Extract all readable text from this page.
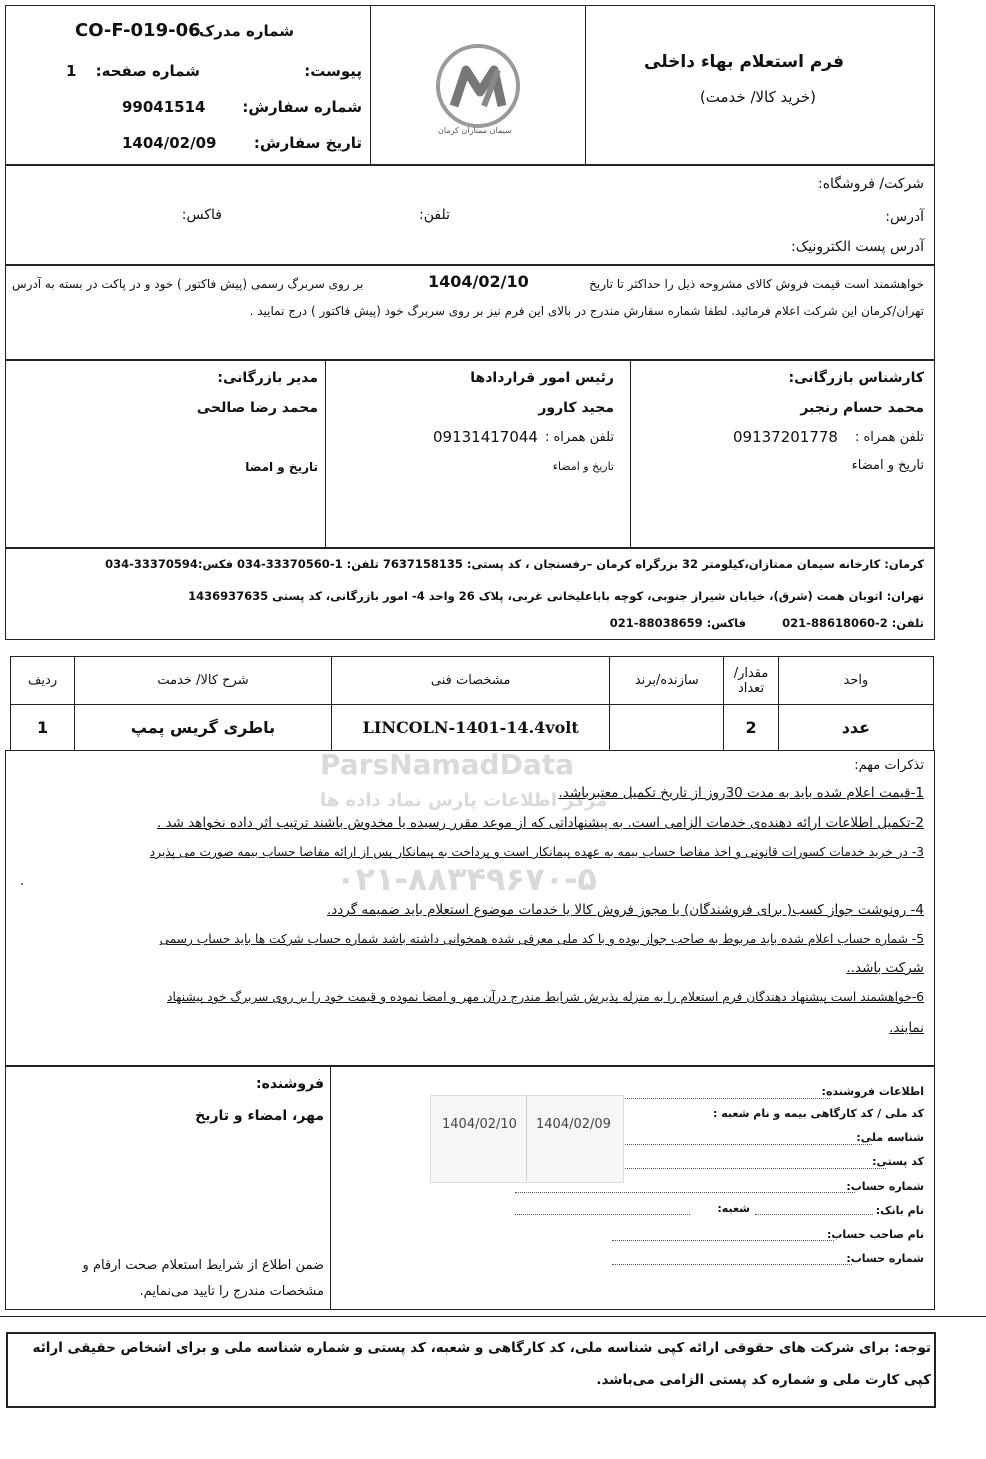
فرم استعلام بهاء داخلی
(خرید کالا/ خدمت)
سیمان ممتازان کرمان
شماره مدرک:
CO-F-019-06
پیوست:
شماره صفحه:
1
شماره سفارش:
99041514
تاریخ سفارش:
1404/02/09
شرکت/ فروشگاه:
آدرس:
تلفن:
فاکس:
آدرس پست الکترونیک:
خواهشمند است قیمت فروش کالای مشروحه ذیل را حداکثر تا تاریخ
1404/02/10
بر روی سربرگ رسمی (پیش فاکتور ) خود و در پاکت در بسته به آدرس
تهران/کرمان این شرکت اعلام فرمائید. لطفا شماره سفارش مندرج در بالای این فرم نیز بر روی سربرگ خود (پیش فاکتور ) درج نمایید .
کارشناس بازرگانی:
محمد حسام رنجبر
تلفن همراه :
09137201778
تاریخ و امضاء
رئیس امور قراردادها
مجید کارور
تلفن همراه :
09131417044
تاریخ و امضاء
مدیر بازرگانی:
محمد رضا صالحی
تاریخ و امضا
کرمان: کارخانه سیمان ممتازان،کیلومتر 32 بزرگراه کرمان –رفسنجان ، کد پستی: 7637158135 تلفن: 1-33370560-034 فکس:33370594-034
تهران: اتوبان همت (شرق)، خیابان شیراز جنوبی، کوچه باباعلیخانی غربی، پلاک 26 واحد 4- امور بازرگانی، کد پستی 1436937635
تلفن: 2-88618060-021
فاکس: 88038659-021
ParsNamadData
مرکز اطلاعات پارس نماد داده ها
۰۲۱-۸۸۳۴۹۶۷۰-۵
واحد	مقدار/
تعداد	سازنده/برند	مشخصات فنی	شرح کالا/ خدمت	ردیف
عدد	2		LINCOLN-1401-14.4volt	باطری گریس پمپ	1
تذکرات مهم:
1-قیمت اعلام شده باید به مدت 30روز از تاریخ تکمیل معتبرباشد.
2-تکمیل اطلاعات ارائه دهنده‌ی خدمات الزامی است. به پیشنهاداتی که از موعد مقرر رسیده یا مخدوش باشند ترتیب اثر داده نخواهد شد .
3- در خرید خدمات کسورات قانونی و اخذ مفاصا حساب بیمه به عهده پیمانکار است و پرداخت به پیمانکار پس از ارائه مفاصا حساب بیمه صورت می پذیرد
.
4- رونوشت جواز کسب( برای فروشندگان) یا مجوز فروش کالا یا خدمات موضوع استعلام باید ضمیمه گردد.
5- شماره حساب اعلام شده باید مربوط به صاحب جواز بوده و با کد ملی معرفی شده همخوانی داشته باشد شماره حساب شرکت ها باید حساب رسمی
شرکت باشد..
6-خواهشمند است پیشنهاد دهندگان فرم استعلام را به منزله پذیرش شرایط مندرج درآن مهر و امضا نموده و قیمت خود را بر روی سربرگ خود پیشنهاد
نمایند.
اطلاعات فروشنده:
کد ملی / کد کارگاهی بیمه و نام شعبه :
شناسه ملی:
کد پستی:
شماره حساب:
نام بانک:
شعبه:
نام صاحب حساب:
شماره حساب:
1404/02/09
1404/02/10
فروشنده:
مهر، امضاء و تاریخ
ضمن اطلاع از شرایط استعلام صحت ارقام و
مشخصات مندرج را تایید می‌نمایم.
توجه: برای شرکت های حقوقی ارائه کپی شناسه ملی، کد کارگاهی و شعبه، کد پستی و شماره شناسه ملی و برای اشخاص حقیقی ارائه
کپی کارت ملی و شماره کد پستی الزامی می‌باشد.
